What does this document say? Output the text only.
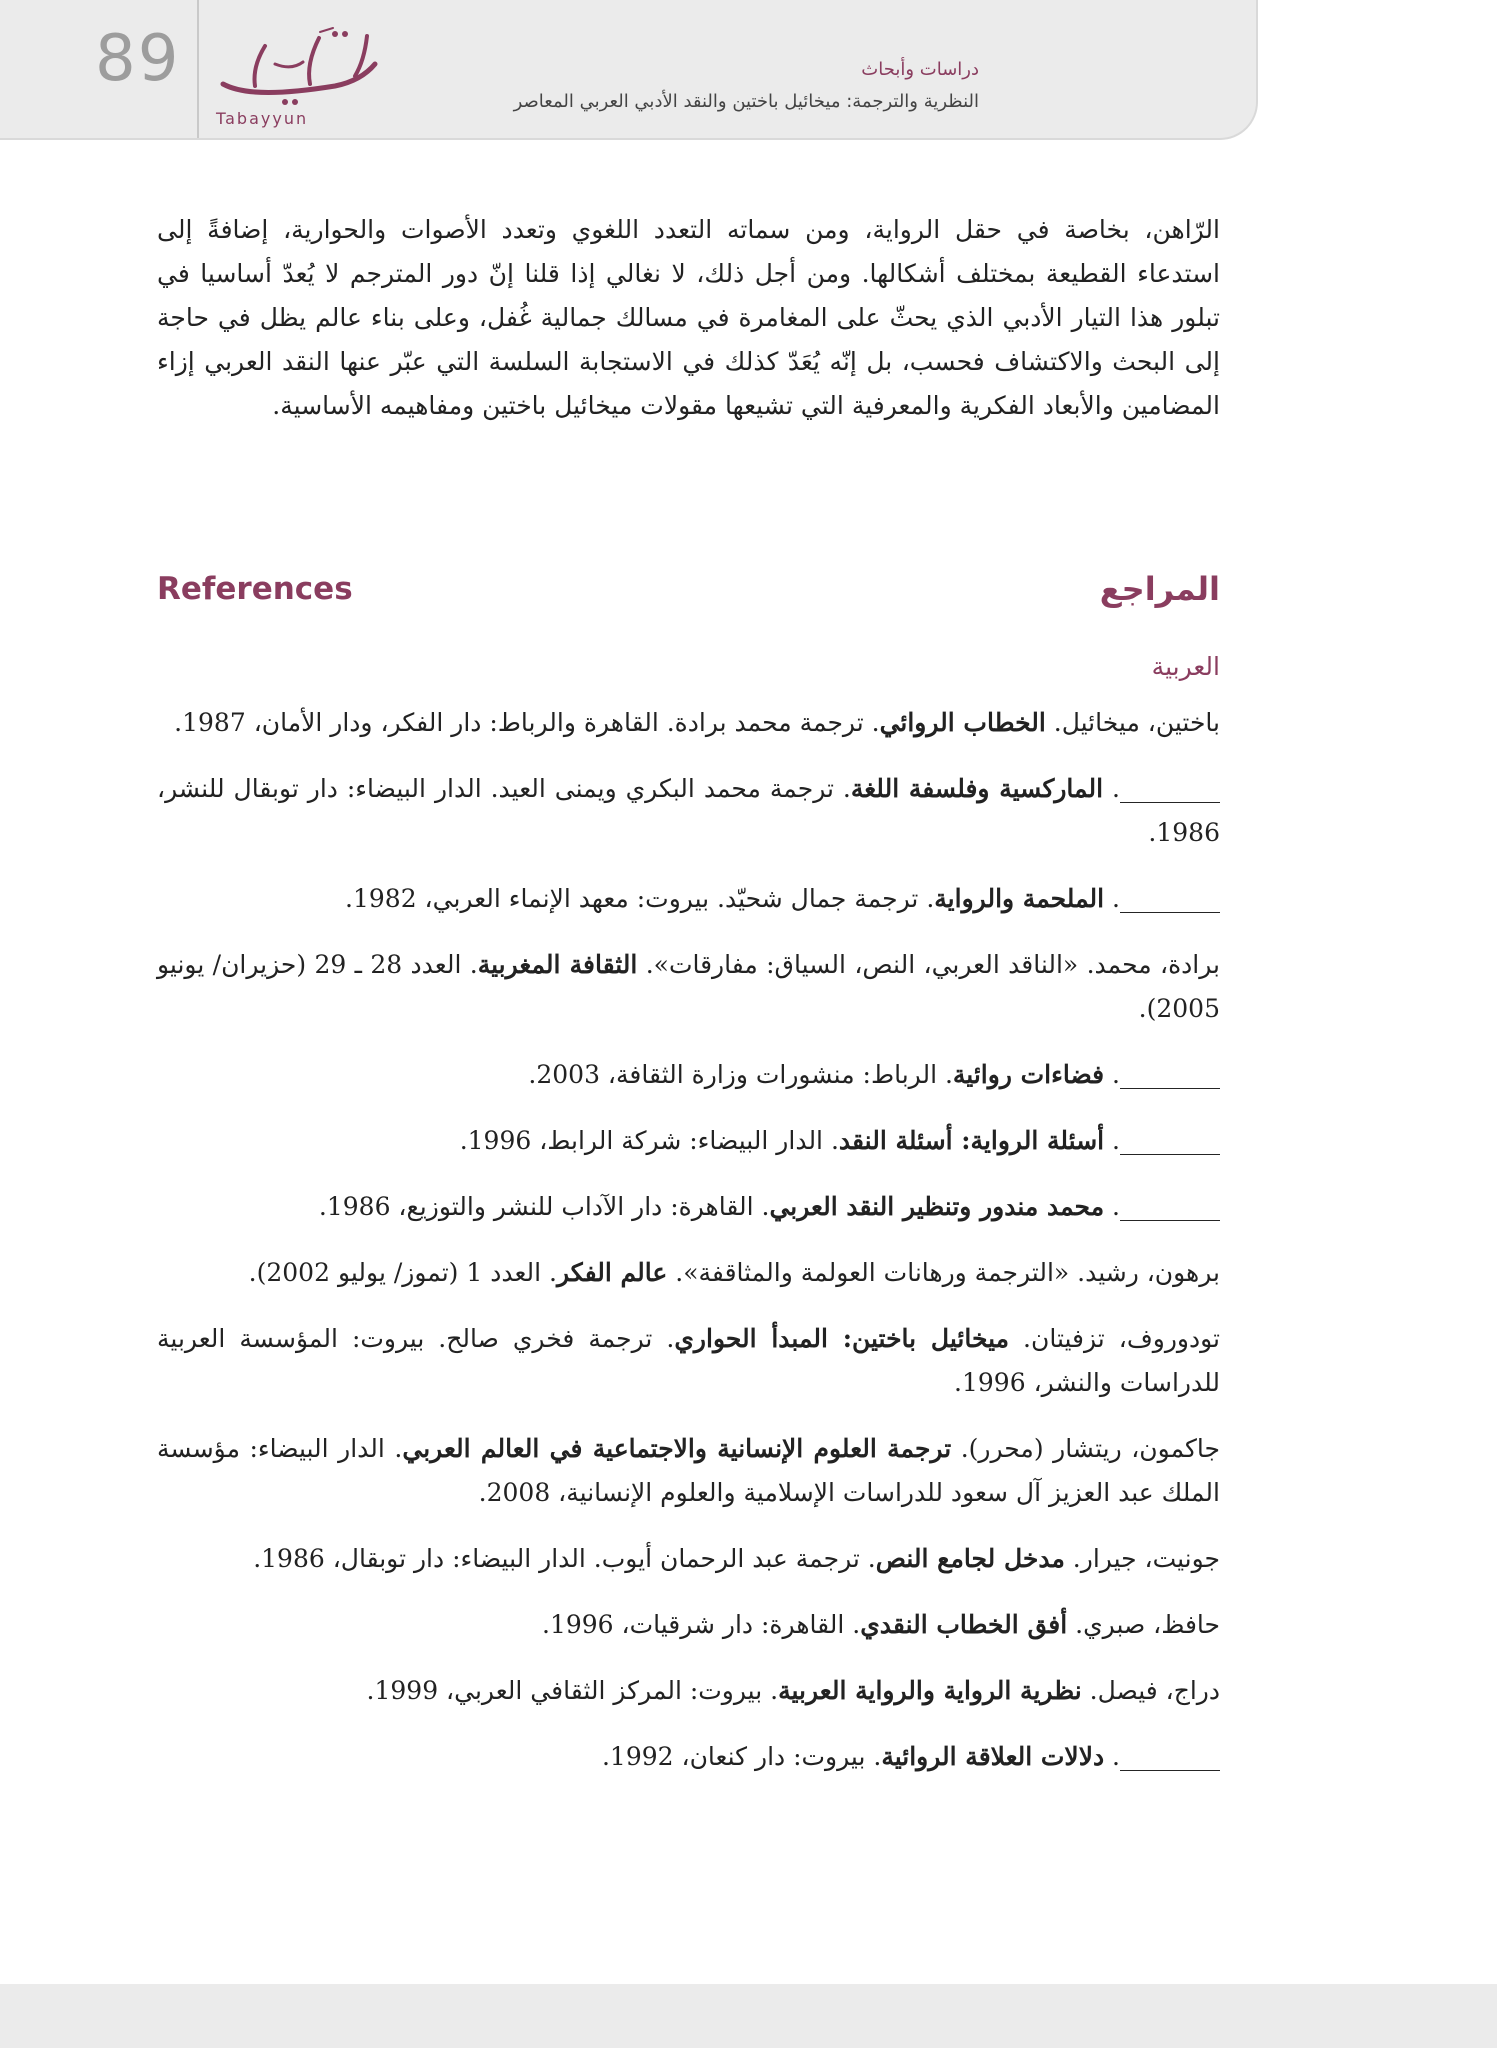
89
Tabayyun
دراسات وأبحاث
النظرية والترجمة: ميخائيل باختين والنقد الأدبي العربي المعاصر

الرّاهن، بخاصة في حقل الرواية، ومن سماته التعدد اللغوي وتعدد الأصوات والحوارية، إضافةً إلى استدعاء القطيعة بمختلف أشكالها. ومن أجل ذلك، لا نغالي إذا قلنا إنّ دور المترجم لا يُعدّ أساسيا في تبلور هذا التيار الأدبي الذي يحثّ على المغامرة في مسالك جمالية غُفل، وعلى بناء عالم يظل في حاجة إلى البحث والاكتشاف فحسب، بل إنّه يُعَدّ كذلك في الاستجابة السلسة التي عبّر عنها النقد العربي إزاء المضامين والأبعاد الفكرية والمعرفية التي تشيعها مقولات ميخائيل باختين ومفاهيمه الأساسية.

References	المراجع
العربية
باختين، ميخائيل. الخطاب الروائي. ترجمة محمد برادة. القاهرة والرباط: دار الفكر، ودار الأمان، 1987.
________. الماركسية وفلسفة اللغة. ترجمة محمد البكري ويمنى العيد. الدار البيضاء: دار توبقال للنشر، 1986.
________. الملحمة والرواية. ترجمة جمال شحيّد. بيروت: معهد الإنماء العربي، 1982.
برادة، محمد. «الناقد العربي، النص، السياق: مفارقات». الثقافة المغربية. العدد 28 ـ 29 (حزيران/ يونيو 2005).
________. فضاءات روائية. الرباط: منشورات وزارة الثقافة، 2003.
________. أسئلة الرواية: أسئلة النقد. الدار البيضاء: شركة الرابط، 1996.
________. محمد مندور وتنظير النقد العربي. القاهرة: دار الآداب للنشر والتوزيع، 1986.
برهون، رشيد. «الترجمة ورهانات العولمة والمثاقفة». عالم الفكر. العدد 1 (تموز/ يوليو 2002).
تودوروف، تزفيتان. ميخائيل باختين: المبدأ الحواري. ترجمة فخري صالح. بيروت: المؤسسة العربية للدراسات والنشر، 1996.
جاكمون، ريتشار (محرر). ترجمة العلوم الإنسانية والاجتماعية في العالم العربي. الدار البيضاء: مؤسسة الملك عبد العزيز آل سعود للدراسات الإسلامية والعلوم الإنسانية، 2008.
جونيت، جيرار. مدخل لجامع النص. ترجمة عبد الرحمان أيوب. الدار البيضاء: دار توبقال، 1986.
حافظ، صبري. أفق الخطاب النقدي. القاهرة: دار شرقيات، 1996.
دراج، فيصل. نظرية الرواية والرواية العربية. بيروت: المركز الثقافي العربي، 1999.
________. دلالات العلاقة الروائية. بيروت: دار كنعان، 1992.
